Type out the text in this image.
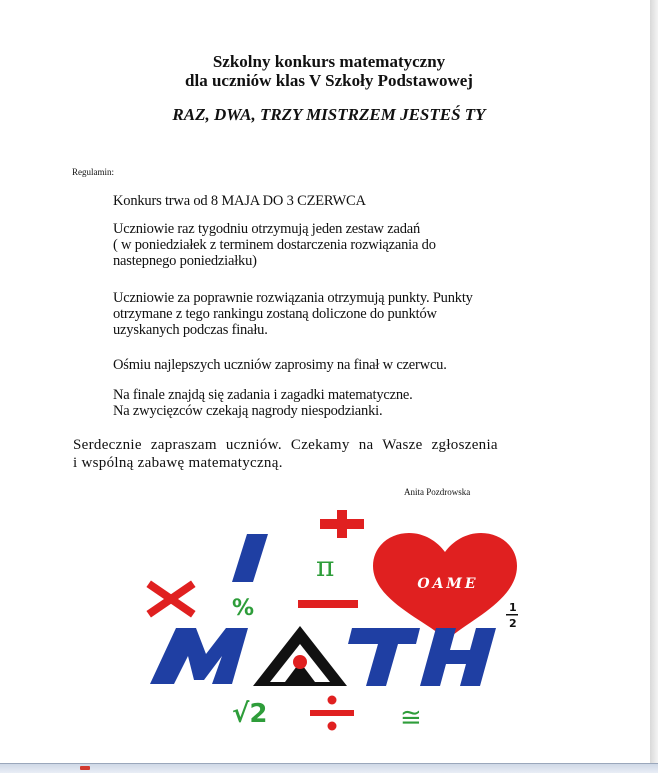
Szkolny konkurs matematyczny
dla uczniów klas V Szkoły Podstawowej
RAZ, DWA, TRZY MISTRZEM JESTEŚ TY
Regulamin:
Konkurs trwa od 8 MAJA DO 3 CZERWCA
Uczniowie raz tygodniu otrzymują jeden zestaw zadań
( w poniedziałek z terminem dostarczenia rozwiązania do
nastepnego poniedziałku)
Uczniowie za poprawnie rozwiązania otrzymują punkty. Punkty
otrzymane z tego rankingu zostaną doliczone do punktów
uzyskanych podczas finału.
Ośmiu najlepszych uczniów zaprosimy na finał w czerwcu.
Na finale znajdą się zadania i zagadki matematyczne.
Na zwycięzców czekają nagrody niespodzianki.
Serdecznie zapraszam uczniów. Czekamy na Wasze zgłoszenia
i wspólną zabawę matematyczną.
Anita Pozdrowska
π
%
OAME
1
2
√2	≅
